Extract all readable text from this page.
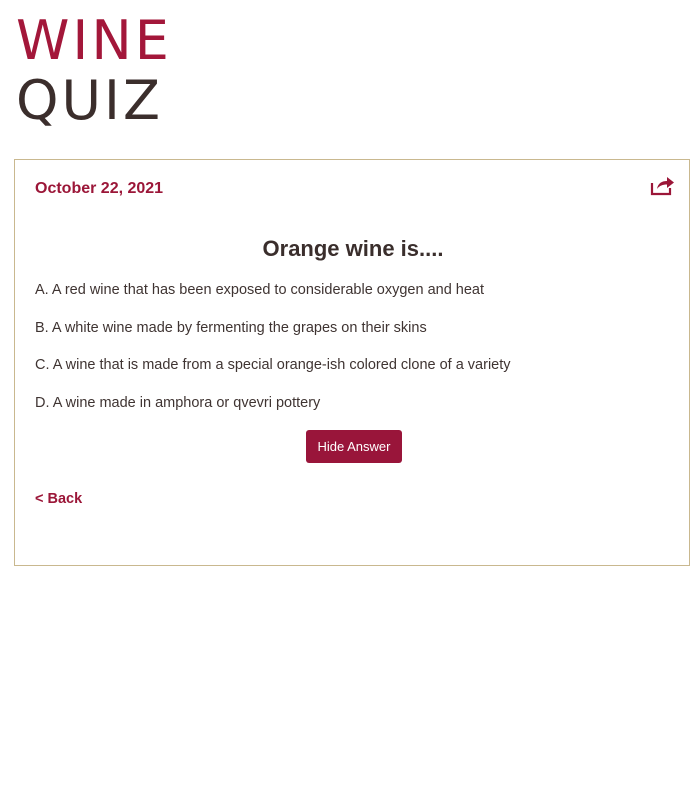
WINE
QUIZ
October 22, 2021
Orange wine is....
A. A red wine that has been exposed to considerable oxygen and heat
B. A white wine made by fermenting the grapes on their skins
C. A wine that is made from a special orange-ish colored clone of a variety
D. A wine made in amphora or qvevri pottery
Hide Answer
< Back
